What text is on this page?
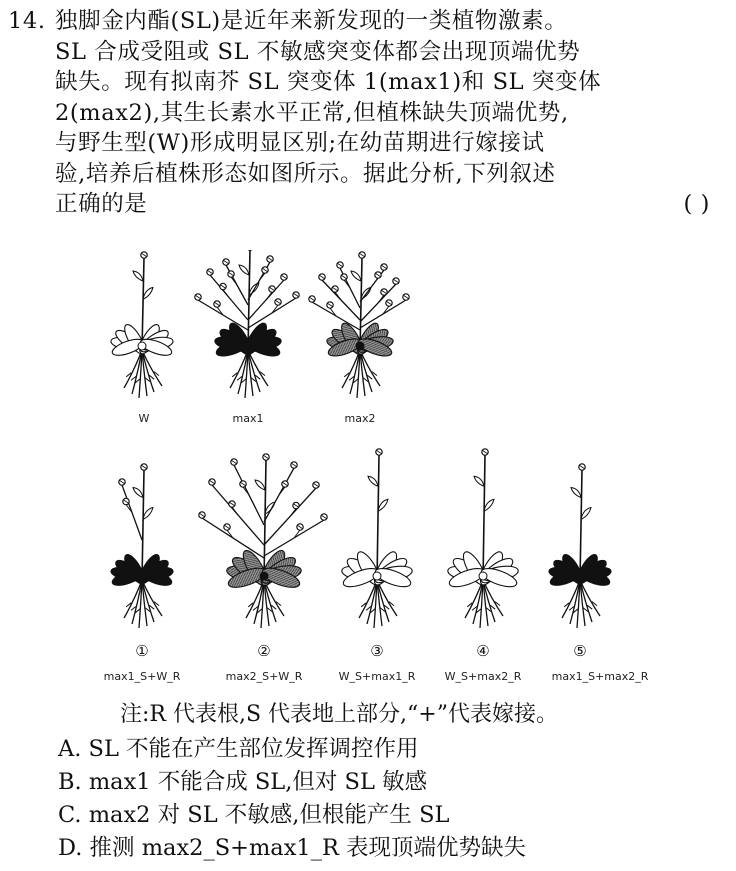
14. 独脚金内酯(SL)是近年来新发现的一类植物激素。
SL 合成受阻或 SL 不敏感突变体都会出现顶端优势
缺失。现有拟南芥 SL 突变体 1(max1)和 SL 突变体
2(max2),其生长素水平正常,但植株缺失顶端优势,
与野生型(W)形成明显区别;在幼苗期进行嫁接试
验,培养后植株形态如图所示。据此分析,下列叙述
正确的是	( )
W	max1	max2
①	②	③	④	⑤
max1_S+W_R	max2_S+W_R	W_S+max1_R	W_S+max2_R	max1_S+max2_R
注:R 代表根,S 代表地上部分,“+”代表嫁接。
A. SL 不能在产生部位发挥调控作用
B. max1 不能合成 SL,但对 SL 敏感
C. max2 对 SL 不敏感,但根能产生 SL
D. 推测 max2_S+max1_R 表现顶端优势缺失
